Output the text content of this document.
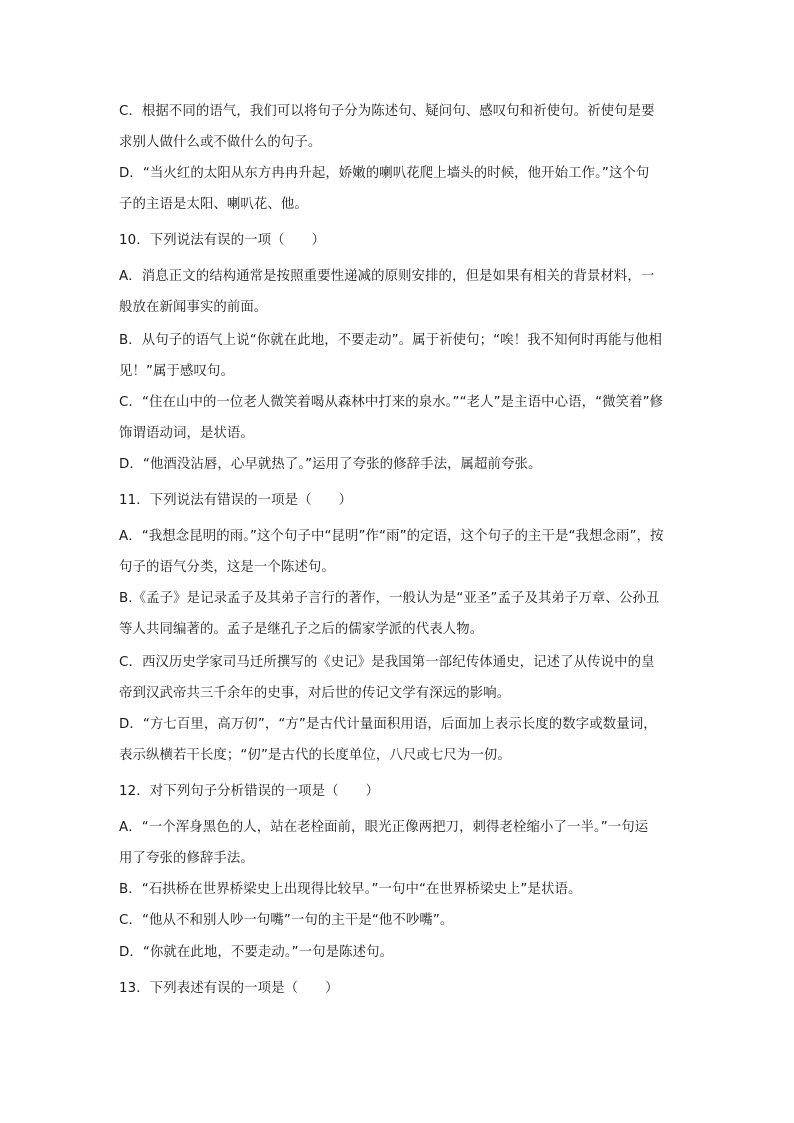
C．根据不同的语气，我们可以将句子分为陈述句、疑问句、感叹句和祈使句。祈使句是要
求别人做什么或不做什么的句子。
D．“当火红的太阳从东方冉冉升起，娇嫩的喇叭花爬上墙头的时候，他开始工作。”这个句
子的主语是太阳、喇叭花、他。
10．下列说法有误的一项（　　）
A．消息正文的结构通常是按照重要性递减的原则安排的，但是如果有相关的背景材料，一
般放在新闻事实的前面。
B．从句子的语气上说“你就在此地，不要走动”。属于祈使句；“唉！我不知何时再能与他相
见！”属于感叹句。
C．“住在山中的一位老人微笑着喝从森林中打来的泉水。”“老人”是主语中心语，“微笑着”修
饰谓语动词，是状语。
D．“他酒没沾唇，心早就热了。”运用了夸张的修辞手法，属超前夸张。
11．下列说法有错误的一项是（　　）
A．“我想念昆明的雨。”这个句子中“昆明”作“雨”的定语，这个句子的主干是“我想念雨”，按
句子的语气分类，这是一个陈述句。
B.《孟子》是记录孟子及其弟子言行的著作，一般认为是“亚圣”孟子及其弟子万章、公孙丑
等人共同编著的。孟子是继孔子之后的儒家学派的代表人物。
C．西汉历史学家司马迁所撰写的《史记》是我国第一部纪传体通史，记述了从传说中的皇
帝到汉武帝共三千余年的史事，对后世的传记文学有深远的影响。
D．“方七百里，高万仞”，“方”是古代计量面积用语，后面加上表示长度的数字或数量词，
表示纵横若干长度；“仞”是古代的长度单位，八尺或七尺为一仞。
12．对下列句子分析错误的一项是（　　）
A．“一个浑身黑色的人，站在老栓面前，眼光正像两把刀，刺得老栓缩小了一半。”一句运
用了夸张的修辞手法。
B．“石拱桥在世界桥梁史上出现得比较早。”一句中“在世界桥梁史上”是状语。
C．“他从不和别人吵一句嘴”一句的主干是“他不吵嘴”。
D．“你就在此地，不要走动。”一句是陈述句。
13．下列表述有误的一项是（　　）
